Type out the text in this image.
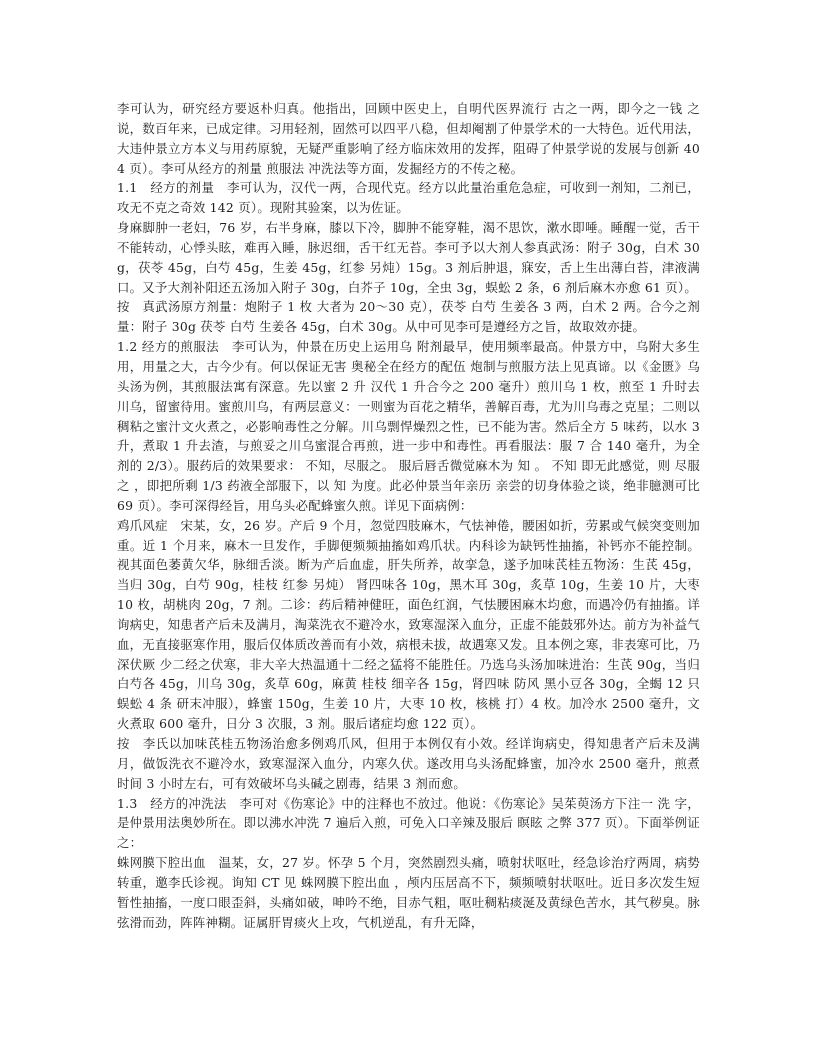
李可认为，研究经方要返朴归真。他指出，回顾中医史上，自明代医界流行 古之一两，即今之一钱 之说，数百年来，已成定律。习用轻剂，固然可以四平八稳，但却阉割了仲景学术的一大特色。近代用法，大违仲景立方本义与用药原貌，无疑严重影响了经方临床效用的发挥，阻碍了仲景学说的发展与创新 404 页）。李可从经方的剂量 煎服法 冲洗法等方面，发掘经方的不传之秘。

1.1　经方的剂量　李可认为，汉代一两，合现代克。经方以此量治重危急症，可收到一剂知，二剂已，攻无不克之奇效 142 页）。现附其验案，以为佐证。

身麻脚肿一老妇，76 岁，右半身麻，膝以下冷，脚肿不能穿鞋，渴不思饮，漱水即唾。睡醒一觉，舌干不能转动，心悸头眩，难再入睡，脉迟细，舌干红无苔。李可予以大剂人参真武汤：附子 30g，白术 30g，茯苓 45g，白芍 45g，生姜 45g，红参 另炖）15g。3 剂后肿退，寐安，舌上生出薄白苔，津液满口。又予大剂补阳还五汤加入附子 30g，白芥子 10g，全虫 3g，蜈蚣 2 条，6 剂后麻木亦愈 61 页）。

按　真武汤原方剂量：炮附子 1 枚 大者为 20～30 克），茯苓 白芍 生姜各 3 两，白术 2 两。合今之剂量：附子 30g 茯苓 白芍 生姜各 45g，白术 30g。从中可见李可是遵经方之旨，故取效亦捷。

1.2 经方的煎服法　李可认为，仲景在历史上运用乌 附剂最早，使用频率最高。仲景方中，乌附大多生用，用量之大，古今少有。何以保证无害 奥秘全在经方的配伍 炮制与煎服方法上见真谛。以《金匮》乌头汤为例，其煎服法寓有深意。先以蜜 2 升 汉代 1 升合今之 200 毫升）煎川乌 1 枚，煎至 1 升时去川乌，留蜜待用。蜜煎川乌，有两层意义：一则蜜为百花之精华，善解百毒，尤为川乌毒之克星；二则以稠粘之蜜汁文火煮之，必影响毒性之分解。川乌剽悍燥烈之性，已不能为害。然后全方 5 味药，以水 3 升，煮取 1 升去渣，与煎妥之川乌蜜混合再煎，进一步中和毒性。再看服法：服 7 合 140 毫升，为全剂的 2/3）。服药后的效果要求： 不知，尽服之。 服后唇舌微觉麻木为 知 。 不知 即无此感觉，则 尽服之 ，即把所剩 1/3 药液全部服下，以 知 为度。此必仲景当年亲历 亲尝的切身体验之谈，绝非臆测可比 69 页）。李可深得经旨，用乌头必配蜂蜜久煎。详见下面病例：

鸡爪风症　宋某，女，26 岁。产后 9 个月，忽觉四肢麻木，气怯神倦，腰困如折，劳累或气候突变则加重。近 1 个月来，麻木一旦发作，手脚便频频抽搐如鸡爪状。内科诊为缺钙性抽搐，补钙亦不能控制。视其面色萎黄欠华，脉细舌淡。断为产后血虚，肝失所养，故挛急，遂予加味芪桂五物汤：生芪 45g，当归 30g，白芍 90g，桂枝 红参 另炖） 肾四味各 10g，黑木耳 30g，炙草 10g，生姜 10 片，大枣 10 枚，胡桃肉 20g，7 剂。二诊：药后精神健旺，面色红润，气怯腰困麻木均愈，而遇冷仍有抽搐。详询病史，知患者产后未及满月，淘菜洗衣不避冷水，致寒湿深入血分，正虚不能鼓邪外达。前方为补益气血，无直接驱寒作用，服后仅体质改善而有小效，病根未拔，故遇寒又发。且本例之寒，非表寒可比，乃深伏厥 少二经之伏寒，非大辛大热温通十二经之猛将不能胜任。乃选乌头汤加味进治：生芪 90g，当归 白芍各 45g，川乌 30g，炙草 60g，麻黄 桂枝 细辛各 15g，肾四味 防风 黑小豆各 30g，全蝎 12 只 蜈蚣 4 条 研末冲服），蜂蜜 150g，生姜 10 片，大枣 10 枚，核桃 打）4 枚。加冷水 2500 毫升，文火煮取 600 毫升，日分 3 次服，3 剂。服后诸症均愈 122 页）。

按　李氏以加味芪桂五物汤治愈多例鸡爪风，但用于本例仅有小效。经详询病史，得知患者产后未及满月，做饭洗衣不避冷水，致寒湿深入血分，内寒久伏。遂改用乌头汤配蜂蜜，加冷水 2500 毫升，煎煮时间 3 小时左右，可有效破坏乌头碱之剧毒，结果 3 剂而愈。

1.3　经方的冲洗法　李可对《伤寒论》中的注释也不放过。他说：《伤寒论》吴茱萸汤方下注一 洗 字，是仲景用法奥妙所在。即以沸水冲洗 7 遍后入煎，可免入口辛辣及服后 瞑眩 之弊 377 页）。下面举例证之：

蛛网膜下腔出血　温某，女，27 岁。怀孕 5 个月，突然剧烈头痛，喷射状呕吐，经急诊治疗两周，病势转重，邀李氏诊视。询知 CT 见 蛛网膜下腔出血 ，颅内压居高不下，频频喷射状呕吐。近日多次发生短暂性抽搐，一度口眼歪斜，头痛如破，呻吟不绝，目赤气粗，呕吐稠粘痰涎及黄绿色苦水，其气秽臭。脉弦滑而劲，阵阵神糊。证属肝胃痰火上攻，气机逆乱，有升无降，
